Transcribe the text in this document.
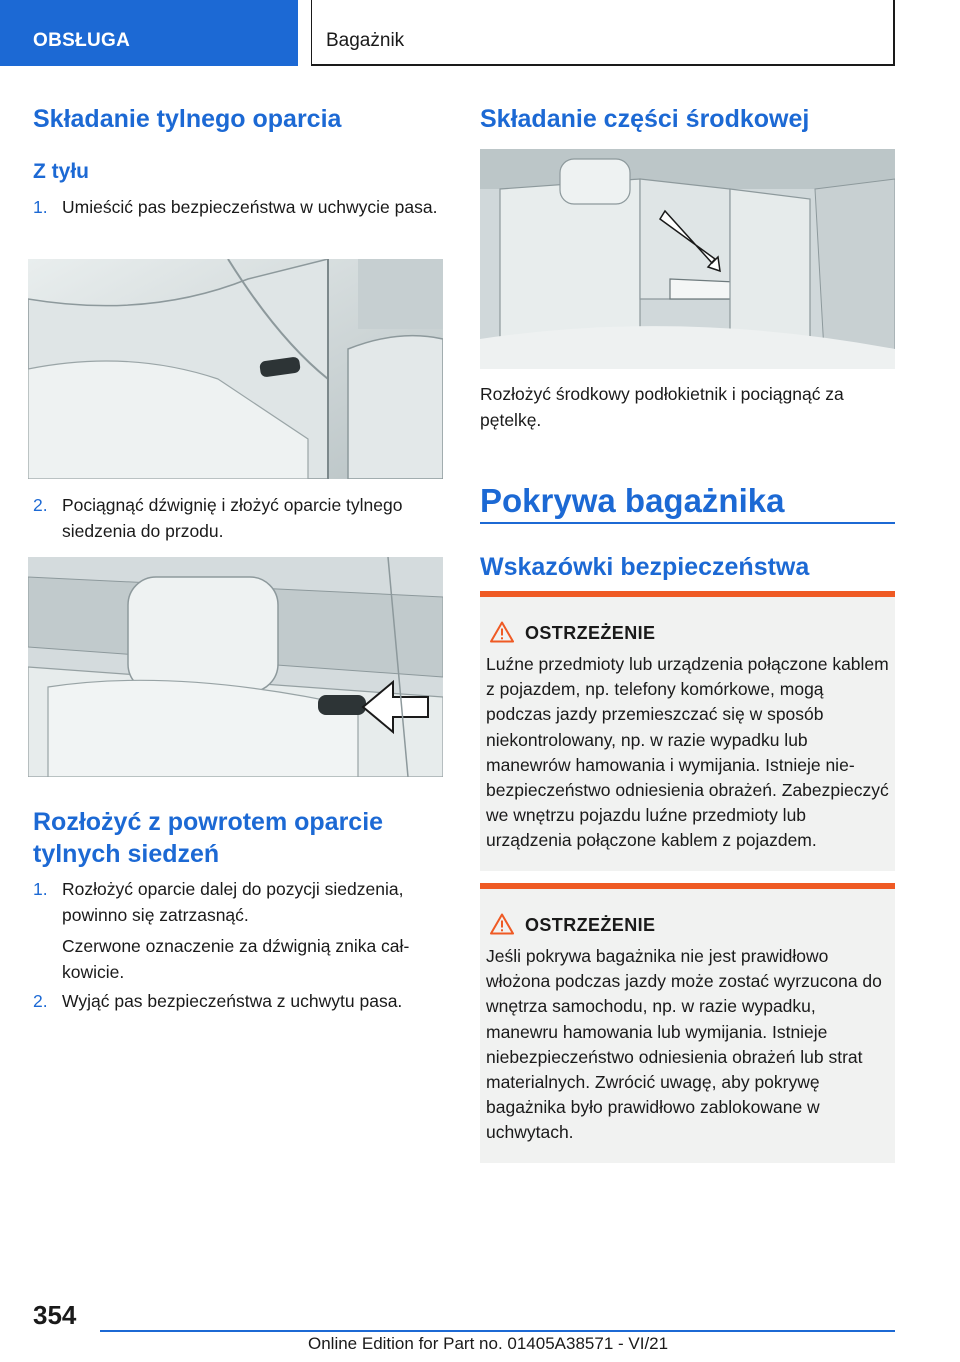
OBSŁUGA	Bagażnik
Składanie tylnego oparcia
Z tyłu
1. Umieścić pas bezpieczeństwa w uchwycie pasa.
2. Pociągnąć dźwignię i złożyć oparcie tylnego siedzenia do przodu.
Rozłożyć z powrotem oparcie tylnych siedzeń
1. Rozłożyć oparcie dalej do pozycji siedzenia, powinno się zatrzasnąć.
Czerwone oznaczenie za dźwignią znika całkowicie.
2. Wyjąć pas bezpieczeństwa z uchwytu pasa.
Składanie części środkowej
Rozłożyć środkowy podłokietnik i pociągnąć za pętelkę.
Pokrywa bagażnika
Wskazówki bezpieczeństwa
OSTRZEŻENIE
Luźne przedmioty lub urządzenia połączone kablem z pojazdem, np. telefony komórkowe, mogą podczas jazdy przemieszczać się w sposób niekontrolowany, np. w razie wypadku lub manewrów hamowania i wymijania. Istnieje niebezpieczeństwo odniesienia obrażeń. Zabezpieczyć we wnętrzu pojazdu luźne przedmioty lub urządzenia połączone kablem z pojazdem.
OSTRZEŻENIE
Jeśli pokrywa bagażnika nie jest prawidłowo włożona podczas jazdy może zostać wyrzucona do wnętrza samochodu, np. w razie wypadku, manewru hamowania lub wymijania. Istnieje niebezpieczeństwo odniesienia obrażeń lub strat materialnych. Zwrócić uwagę, aby pokrywę bagażnika było prawidłowo zablokowane w uchwytach.
354
Online Edition for Part no. 01405A38571 - VI/21
